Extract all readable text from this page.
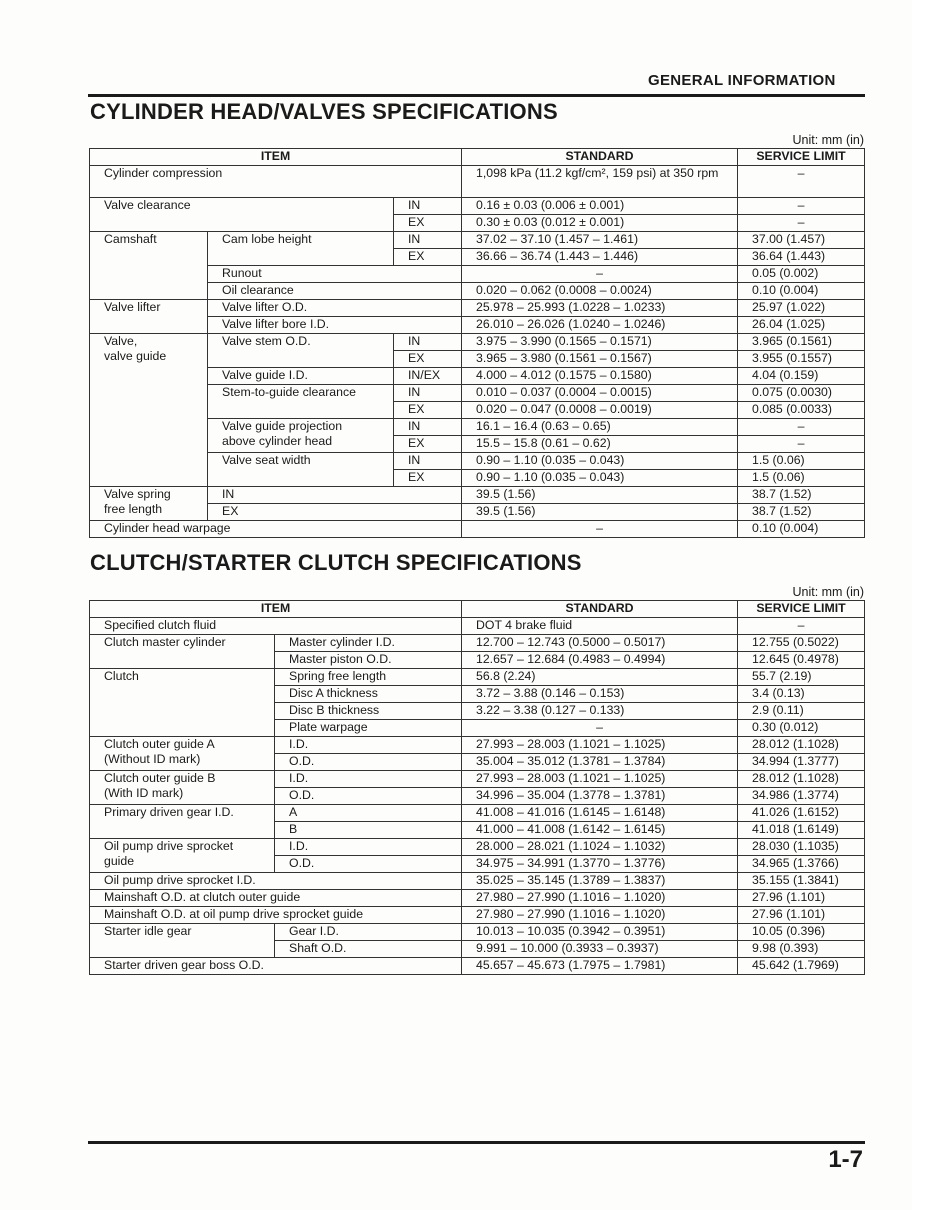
GENERAL INFORMATION
CYLINDER HEAD/VALVES SPECIFICATIONS
Unit: mm (in)
ITEM			STANDARD	SERVICE LIMIT
Cylinder compression			1,098 kPa (11.2 kgf/cm², 159 psi) at 350 rpm	–
Valve clearance		IN	0.16 ± 0.03 (0.006 ± 0.001)	–
		EX	0.30 ± 0.03 (0.012 ± 0.001)	–
Camshaft	Cam lobe height	IN	37.02 – 37.10 (1.457 – 1.461)	37.00 (1.457)
		EX	36.66 – 36.74 (1.443 – 1.446)	36.64 (1.443)
	Runout		–	0.05 (0.002)
	Oil clearance		0.020 – 0.062 (0.0008 – 0.0024)	0.10 (0.004)
Valve lifter	Valve lifter O.D.		25.978 – 25.993 (1.0228 – 1.0233)	25.97 (1.022)
	Valve lifter bore I.D.		26.010 – 26.026 (1.0240 – 1.0246)	26.04 (1.025)
Valve,
valve guide	Valve stem O.D.	IN	3.975 – 3.990 (0.1565 – 0.1571)	3.965 (0.1561)
		EX	3.965 – 3.980 (0.1561 – 0.1567)	3.955 (0.1557)
	Valve guide I.D.	IN/EX	4.000 – 4.012 (0.1575 – 0.1580)	4.04 (0.159)
	Stem-to-guide clearance	IN	0.010 – 0.037 (0.0004 – 0.0015)	0.075 (0.0030)
		EX	0.020 – 0.047 (0.0008 – 0.0019)	0.085 (0.0033)
	Valve guide projection
above cylinder head	IN	16.1 – 16.4 (0.63 – 0.65)	–
		EX	15.5 – 15.8 (0.61 – 0.62)	–
	Valve seat width	IN	0.90 – 1.10 (0.035 – 0.043)	1.5 (0.06)
		EX	0.90 – 1.10 (0.035 – 0.043)	1.5 (0.06)
Valve spring
free length	IN		39.5 (1.56)	38.7 (1.52)
	EX		39.5 (1.56)	38.7 (1.52)
Cylinder head warpage			–	0.10 (0.004)
CLUTCH/STARTER CLUTCH SPECIFICATIONS
Unit: mm (in)
ITEM		STANDARD	SERVICE LIMIT
Specified clutch fluid		DOT 4 brake fluid	–
Clutch master cylinder	Master cylinder I.D.	12.700 – 12.743 (0.5000 – 0.5017)	12.755 (0.5022)
	Master piston O.D.	12.657 – 12.684 (0.4983 – 0.4994)	12.645 (0.4978)
Clutch	Spring free length	56.8 (2.24)	55.7 (2.19)
	Disc A thickness	3.72 – 3.88 (0.146 – 0.153)	3.4 (0.13)
	Disc B thickness	3.22 – 3.38 (0.127 – 0.133)	2.9 (0.11)
	Plate warpage	–	0.30 (0.012)
Clutch outer guide A
(Without ID mark)	I.D.	27.993 – 28.003 (1.1021 – 1.1025)	28.012 (1.1028)
	O.D.	35.004 – 35.012 (1.3781 – 1.3784)	34.994 (1.3777)
Clutch outer guide B
(With ID mark)	I.D.	27.993 – 28.003 (1.1021 – 1.1025)	28.012 (1.1028)
	O.D.	34.996 – 35.004 (1.3778 – 1.3781)	34.986 (1.3774)
Primary driven gear I.D.	A	41.008 – 41.016 (1.6145 – 1.6148)	41.026 (1.6152)
	B	41.000 – 41.008 (1.6142 – 1.6145)	41.018 (1.6149)
Oil pump drive sprocket
guide	I.D.	28.000 – 28.021 (1.1024 – 1.1032)	28.030 (1.1035)
	O.D.	34.975 – 34.991 (1.3770 – 1.3776)	34.965 (1.3766)
Oil pump drive sprocket I.D.		35.025 – 35.145 (1.3789 – 1.3837)	35.155 (1.3841)
Mainshaft O.D. at clutch outer guide		27.980 – 27.990 (1.1016 – 1.1020)	27.96 (1.101)
Mainshaft O.D. at oil pump drive sprocket guide		27.980 – 27.990 (1.1016 – 1.1020)	27.96 (1.101)
Starter idle gear	Gear I.D.	10.013 – 10.035 (0.3942 – 0.3951)	10.05 (0.396)
	Shaft O.D.	9.991 – 10.000 (0.3933 – 0.3937)	9.98 (0.393)
Starter driven gear boss O.D.		45.657 – 45.673 (1.7975 – 1.7981)	45.642 (1.7969)
1-7
